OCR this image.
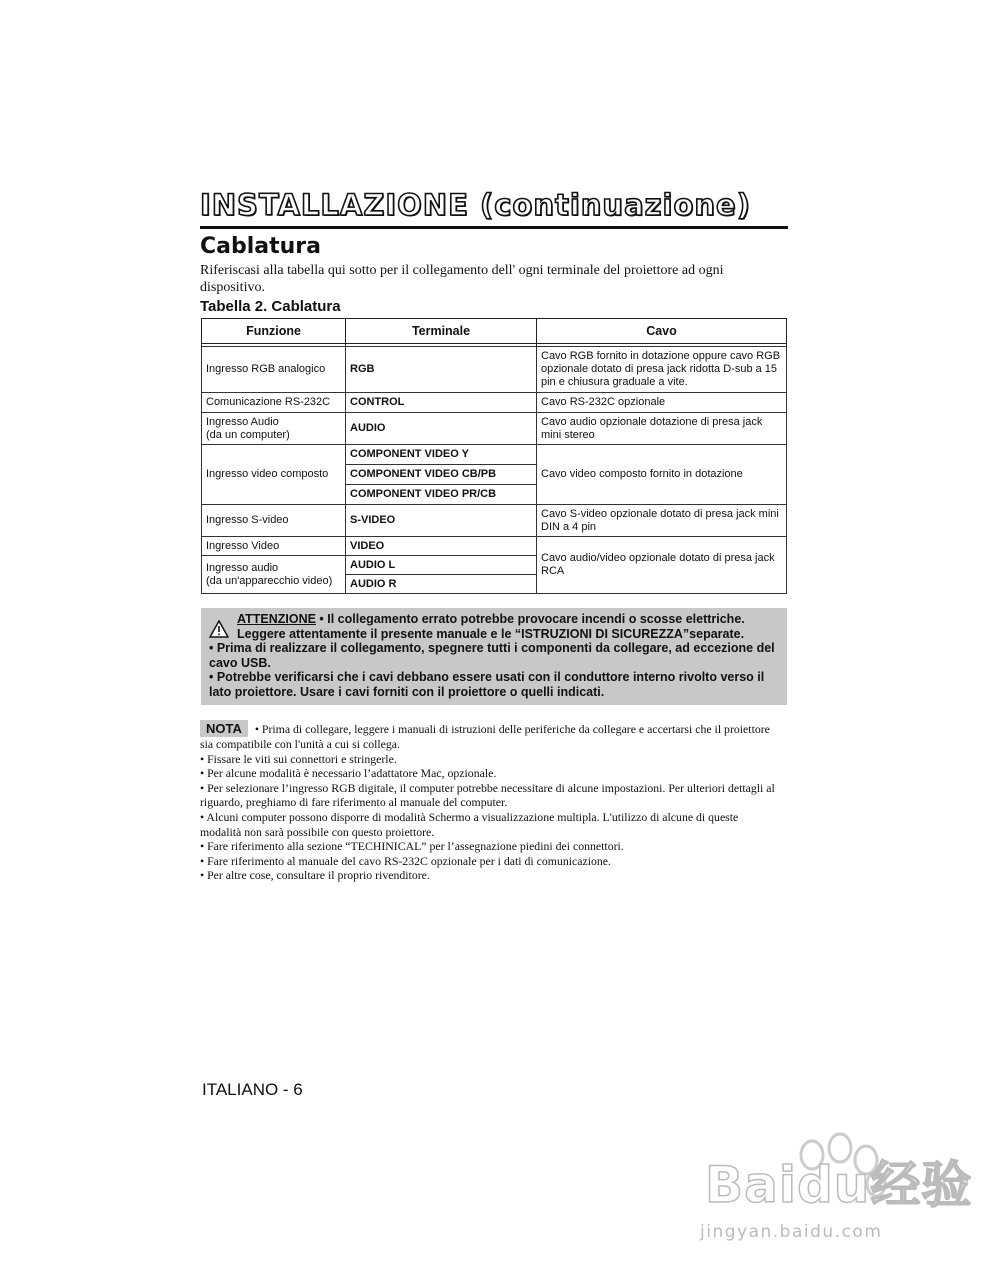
INSTALLAZIONE (continuazione)
Cablatura
Riferiscasi alla tabella qui sotto per il collegamento dell' ogni terminale del proiettore ad ogni dispositivo.
Tabella 2. Cablatura
Funzione	Terminale	Cavo

Ingresso RGB analogico	RGB	Cavo RGB fornito in dotazione oppure cavo RGB opzionale dotato di presa jack ridotta D-sub a 15 pin e chiusura graduale a vite.
Comunicazione RS-232C	CONTROL	Cavo RS-232C opzionale

Ingresso Audio
(da un computer)	AUDIO	Cavo audio opzionale dotazione di presa jack mini stereo
Ingresso video composto	COMPONENT VIDEO Y	Cavo video composto fornito in dotazione
	COMPONENT VIDEO CB/PB	
	COMPONENT VIDEO PR/CB	
Ingresso S-video	S-VIDEO	Cavo S-video opzionale dotato di presa jack mini DIN a 4 pin
Ingresso Video	VIDEO	Cavo audio/video opzionale dotato di presa jack RCA

Ingresso audio
(da un'apparecchio video)	AUDIO L	
	AUDIO R	
ATTENZIONE • Il collegamento errato potrebbe provocare incendi o scosse elettriche.
Leggere attentamente il presente manuale e le “ISTRUZIONI DI SICUREZZA”separate.
• Prima di realizzare il collegamento, spegnere tutti i componenti da collegare, ad eccezione del cavo USB.
• Potrebbe verificarsi che i cavi debbano essere usati con il conduttore interno rivolto verso il lato proiettore. Usare i cavi forniti con il proiettore o quelli indicati.

NOTA • Prima di collegare, leggere i manuali di istruzioni delle periferiche da collegare e accertarsi che il proiettore sia compatibile con l'unità a cui si collega.

• Fissare le viti sui connettori e stringerle.

• Per alcune modalità è necessario l’adattatore Mac, opzionale.

• Per selezionare l’ingresso RGB digitale, il computer potrebbe necessitare di alcune impostazioni. Per ulteriori dettagli al riguardo, preghiamo di fare riferimento al manuale del computer.

• Alcuni computer possono disporre di modalità Schermo a visualizzazione multipla. L'utilizzo di alcune di queste modalità non sarà possibile con questo proiettore.

• Fare riferimento alla sezione “TECHINICAL” per l’assegnazione piedini dei connettori.

• Fare riferimento al manuale del cavo RS-232C opzionale per i dati di comunicazione.

• Per altre cose, consultare il proprio rivenditore.

ITALIANO - 6
Baidu经验
jingyan.baidu.com
